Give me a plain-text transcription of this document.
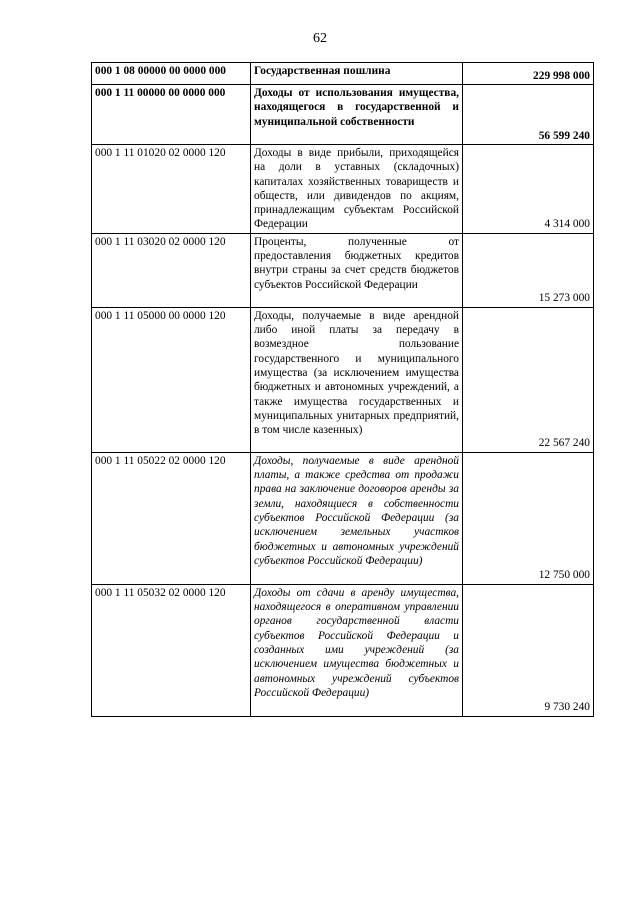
62
000 1 08 00000 00 0000 000	Государственная пошлина	229 998 000
000 1 11 00000 00 0000 000	Доходы от использования имущества, находящегося в государственной и муниципальной собственности	56 599 240
000 1 11 01020 02 0000 120	Доходы в виде прибыли, приходящейся на доли в уставных (складочных) капиталах хозяйственных товариществ и обществ, или дивидендов по акциям, принадлежащим субъектам Российской Федерации	4 314 000
000 1 11 03020 02 0000 120	Проценты, полученные от предоставления бюджетных кредитов внутри страны за счет средств бюджетов субъектов Российской Федерации	15 273 000
000 1 11 05000 00 0000 120	Доходы, получаемые в виде арендной либо иной платы за передачу в возмездное пользование государственного и муниципального имущества (за исключением имущества бюджетных и автономных учреждений, а также имущества государственных и муниципальных унитарных предприятий, в том числе казенных)	22 567 240
000 1 11 05022 02 0000 120	Доходы, получаемые в виде арендной платы, а также средства от продажи права на заключение договоров аренды за земли, находящиеся в собственности субъектов Российской Федерации (за исключением земельных участков бюджетных и автономных учреждений субъектов Российской Федерации)	12 750 000
000 1 11 05032 02 0000 120	Доходы от сдачи в аренду имущества, находящегося в оперативном управлении органов государственной власти субъектов Российской Федерации и созданных ими учреждений (за исключением имущества бюджетных и автономных учреждений субъектов Российской Федерации)	9 730 240
